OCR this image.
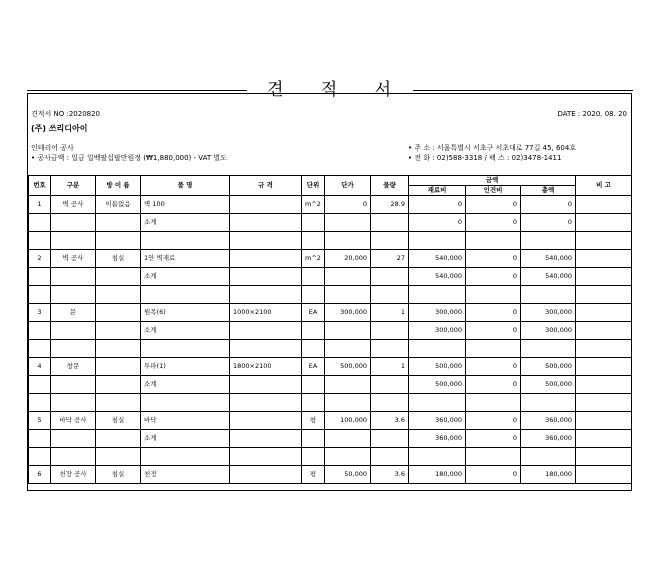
견 적 서
견적서 NO :2020820	DATE : 2020. 08. 20
(주) 쓰리디아이
인테리어 공사
• 공사금액 : 일금 일백팔십팔만원정 (₩1,880,000) - VAT 별도
• 주 소 : 서울특별시 서초구 서초대로 77길 45, 604호
• 전 화 : 02)588-3318 / 팩 스 : 02)3478-1411
번호	구분	방 이 름	품 명	규 격	단위	단가	물량	금액			비 고
								재료비	인건비	총액	
1	벽 공사	이름없음	벽 100		m^2	0	28.9	0	0	0	
			소계					0	0	0	

2	벽 공사	침실	1안 벽재료		m^2	20,000	27	540,000	0	540,000	
			소계					540,000	0	540,000	

3	문		원목(6)	1000×2100	EA	300,000	1	300,000	0	300,000	
			소계					300,000	0	300,000	

4	창문		투파(1)	1800×2100	EA	500,000	1	500,000	0	500,000	
			소계					500,000	0	500,000	

5	바닥 공사	침실	바닥		평	100,000	3.6	360,000	0	360,000	
			소계					360,000	0	360,000	

6	천장 공사	침실	천정		평	50,000	3.6	180,000	0	180,000	
